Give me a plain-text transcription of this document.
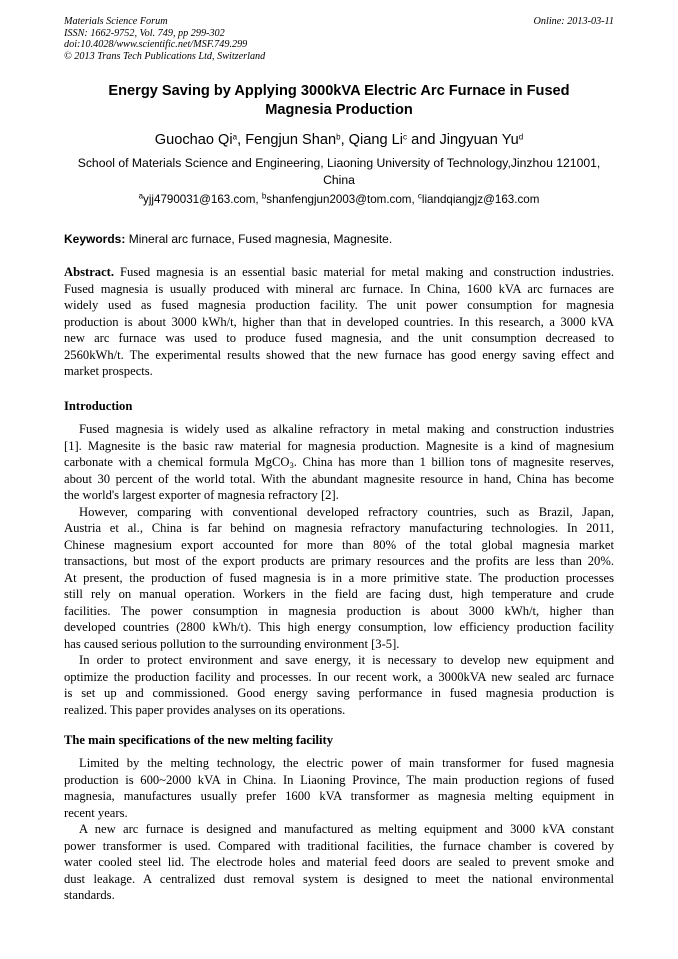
Materials Science Forum
ISSN: 1662-9752, Vol. 749, pp 299-302
doi:10.4028/www.scientific.net/MSF.749.299
© 2013 Trans Tech Publications Ltd, Switzerland
Online: 2013-03-11
Energy Saving by Applying 3000kVA Electric Arc Furnace in Fused
Magnesia Production
Guochao Qi$^a$, Fengjun Shan$^b$, Qiang Li$^c$ and Jingyuan Yu$^d$
School of Materials Science and Engineering, Liaoning University of Technology,Jinzhou 121001,
China
$^a$yjj4790031@163.com, $^b$shanfengjun2003@tom.com, $^c$liandqiangjz@163.com
Keywords: Mineral arc furnace, Fused magnesia, Magnesite.
Abstract. Fused magnesia is an essential basic material for metal making and construction industries.
Fused magnesia is usually produced with mineral arc furnace. In China, 1600 kVA arc furnaces are
widely used as fused magnesia production facility. The unit power consumption for magnesia
production is about 3000 kWh/t, higher than that in developed countries. In this research, a 3000 kVA
new arc furnace was used to produce fused magnesia, and the unit consumption decreased to
2560kWh/t. The experimental results showed that the new furnace has good energy saving effect and
market prospects.
Introduction
Fused magnesia is widely used as alkaline refractory in metal making and construction industries
[1]. Magnesite is the basic raw material for magnesia production. Magnesite is a kind of magnesium
carbonate with a chemical formula MgCO$_3$. China has more than 1 billion tons of magnesite reserves,
about 30 percent of the world total. With the abundant magnesite resource in hand, China has become
the world's largest exporter of magnesia refractory [2].
However, comparing with conventional developed refractory countries, such as Brazil, Japan,
Austria et al., China is far behind on magnesia refractory manufacturing technologies. In 2011,
Chinese magnesium export accounted for more than 80% of the total global magnesia market
transactions, but most of the export products are primary resources and the profits are less than 20%.
At present, the production of fused magnesia is in a more primitive state. The production processes
still rely on manual operation. Workers in the field are facing dust, high temperature and crude
facilities. The power consumption in magnesia production is about 3000 kWh/t, higher than
developed countries (2800 kWh/t). This high energy consumption, low efficiency production facility
has caused serious pollution to the surrounding environment [3-5].
In order to protect environment and save energy, it is necessary to develop new equipment and
optimize the production facility and processes. In our recent work, a 3000kVA new sealed arc furnace
is set up and commissioned. Good energy saving performance in fused magnesia production is
realized. This paper provides analyses on its operations.
The main specifications of the new melting facility
Limited by the melting technology, the electric power of main transformer for fused magnesia
production is 600~2000 kVA in China. In Liaoning Province, The main production regions of fused
magnesia, manufactures usually prefer 1600 kVA transformer as magnesia melting equipment in
recent years.
A new arc furnace is designed and manufactured as melting equipment and 3000 kVA constant
power transformer is used. Compared with traditional facilities, the furnace chamber is covered by
water cooled steel lid. The electrode holes and material feed doors are sealed to prevent smoke and
dust leakage. A centralized dust removal system is designed to meet the national environmental
standards.
